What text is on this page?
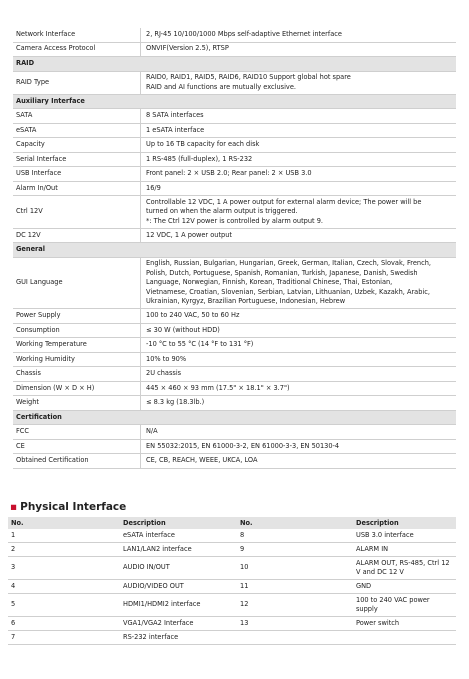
Network Interface	2, RJ-45 10/100/1000 Mbps self-adaptive Ethernet interface

Camera Access Protocol	ONVIF(Version 2.5), RTSP

RAID	
RAID Type	RAID0, RAID1, RAID5, RAID6, RAID10 Support global hot spare
RAID and AI functions are mutually exclusive.

Auxiliary Interface	
SATA	8 SATA interfaces

eSATA	1 eSATA interface

Capacity	Up to 16 TB capacity for each disk

Serial Interface	1 RS-485 (full-duplex), 1 RS-232

USB Interface	Front panel: 2 × USB 2.0; Rear panel: 2 × USB 3.0

Alarm In/Out	16/9

Ctrl 12V	Controllable 12 VDC, 1 A power output for external alarm device; The power will be
turned on when the alarm output is triggered.
*: The Ctrl 12V power is controlled by alarm output 9.

DC 12V	12 VDC, 1 A power output

General	
GUI Language	English, Russian, Bulgarian, Hungarian, Greek, German, Italian, Czech, Slovak, French,
Polish, Dutch, Portuguese, Spanish, Romanian, Turkish, Japanese, Danish, Swedish
Language, Norwegian, Finnish, Korean, Traditional Chinese, Thai, Estonian,
Vietnamese, Croatian, Slovenian, Serbian, Latvian, Lithuanian, Uzbek, Kazakh, Arabic,
Ukrainian, Kyrgyz, Brazilian Portuguese, Indonesian, Hebrew

Power Supply	100 to 240 VAC, 50 to 60 Hz

Consumption	≤ 30 W (without HDD)

Working Temperature	-10 °C to 55 °C (14 °F to 131 °F)

Working Humidity	10% to 90%

Chassis	2U chassis

Dimension (W × D × H)	445 × 460 × 93 mm (17.5" × 18.1" × 3.7")

Weight	≤ 8.3 kg (18.3lb.)

Certification	
FCC	N/A

CE	EN 55032:2015, EN 61000-3-2, EN 61000-3-3, EN 50130-4

Obtained Certification	CE, CB, REACH, WEEE, UKCA, LOA
▪ Physical Interface
No.	Description	No.	Description
1	eSATA interface	8	USB 3.0 interface
2	LAN1/LAN2 interface	9	ALARM IN
3	AUDIO IN/OUT	10	ALARM OUT, RS-485, Ctrl 12 V and DC 12 V
4	AUDIO/VIDEO OUT	11	GND
5	HDMI1/HDMI2 interface	12	100 to 240 VAC power supply
6	VGA1/VGA2 Interface	13	Power switch
7	RS-232 interface		
